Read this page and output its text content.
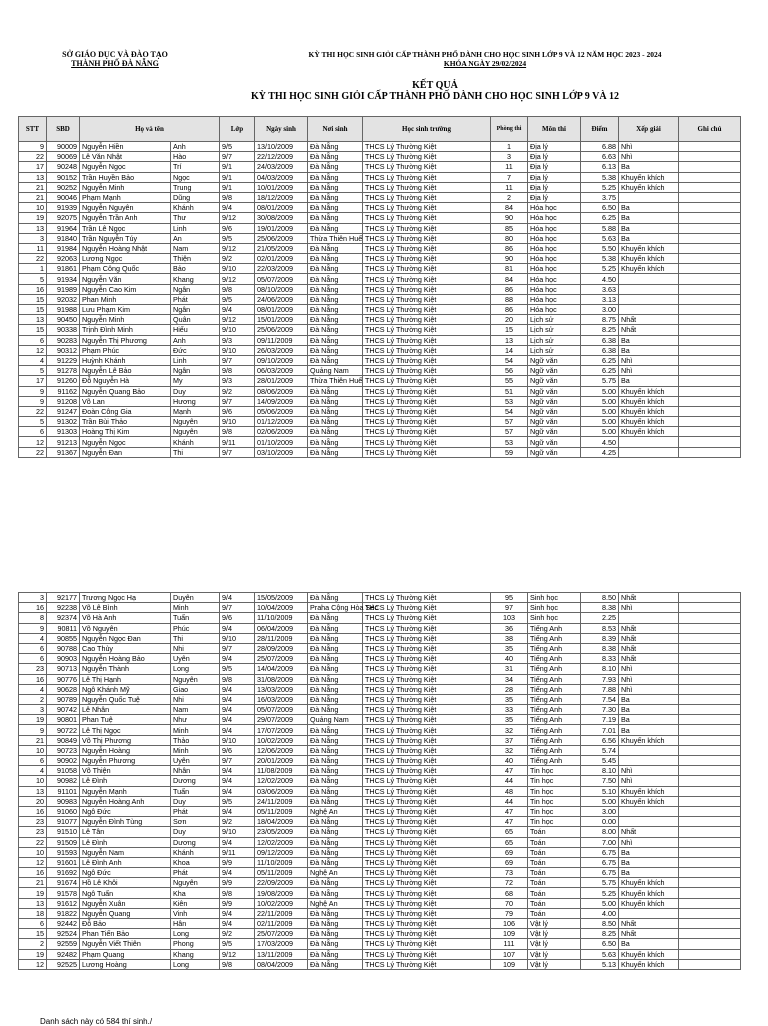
SỞ GIÁO DỤC VÀ ĐÀO TẠO
THÀNH PHỐ ĐÀ NẴNG
KỲ THI HỌC SINH GIỎI CẤP THÀNH PHỐ DÀNH CHO HỌC SINH LỚP 9 VÀ 12 NĂM HỌC 2023 - 2024
KHÓA NGÀY 29/02/2024
KẾT QUẢ
KỲ THI HỌC SINH GIỎI CẤP THÀNH PHỐ DÀNH CHO HỌC SINH LỚP 9 VÀ 12
STT	SBD	Họ và tên		Lớp	Ngày sinh	Nơi sinh	Học sinh trường	Phòng thi	Môn thi	Điểm	Xếp giải	Ghi chú
9	90009	Nguyễn Hiền	Anh	9/5	13/10/2009	Đà Nẵng	THCS Lý Thường Kiệt	1	Địa lý	6.88	Nhì	
22	90069	Lê Văn Nhật	Hào	9/7	22/12/2009	Đà Nẵng	THCS Lý Thường Kiệt	3	Địa lý	6.63	Nhì	
17	90248	Nguyễn Ngọc	Trí	9/1	24/03/2009	Đà Nẵng	THCS Lý Thường Kiệt	11	Địa lý	6.13	Ba	
13	90152	Trần Huyền Bảo	Ngọc	9/1	04/03/2009	Đà Nẵng	THCS Lý Thường Kiệt	7	Địa lý	5.38	Khuyến khích	
21	90252	Nguyễn Minh	Trung	9/1	10/01/2009	Đà Nẵng	THCS Lý Thường Kiệt	11	Địa lý	5.25	Khuyến khích	
21	90046	Phạm Mạnh	Dũng	9/8	18/12/2009	Đà Nẵng	THCS Lý Thường Kiệt	2	Địa lý	3.75		
10	91939	Nguyễn Nguyên	Khánh	9/4	08/01/2009	Đà Nẵng	THCS Lý Thường Kiệt	84	Hóa học	6.50	Ba	
19	92075	Nguyễn Trần Anh	Thư	9/12	30/08/2009	Đà Nẵng	THCS Lý Thường Kiệt	90	Hóa học	6.25	Ba	
13	91964	Trần Lê Ngọc	Linh	9/6	19/01/2009	Đà Nẵng	THCS Lý Thường Kiệt	85	Hóa học	5.88	Ba	
3	91840	Trần Nguyễn Túy	An	9/5	25/06/2009	Thừa Thiên Huế	THCS Lý Thường Kiệt	80	Hóa học	5.63	Ba	
11	91984	Nguyễn Hoàng Nhật	Nam	9/12	21/05/2009	Đà Nẵng	THCS Lý Thường Kiệt	86	Hóa học	5.50	Khuyến khích	
22	92063	Lương Ngọc	Thiện	9/2	02/01/2009	Đà Nẵng	THCS Lý Thường Kiệt	90	Hóa học	5.38	Khuyến khích	
1	91861	Phạm Công Quốc	Bảo	9/10	22/03/2009	Đà Nẵng	THCS Lý Thường Kiệt	81	Hóa học	5.25	Khuyến khích	
5	91934	Nguyễn Văn	Khang	9/12	05/07/2009	Đà Nẵng	THCS Lý Thường Kiệt	84	Hóa học	4.50		
16	91989	Nguyễn Cao Kim	Ngân	9/8	08/10/2009	Đà Nẵng	THCS Lý Thường Kiệt	86	Hóa học	3.63		
15	92032	Phan Minh	Phát	9/5	24/06/2009	Đà Nẵng	THCS Lý Thường Kiệt	88	Hóa học	3.13		
15	91988	Lưu Phạm Kim	Ngân	9/4	08/01/2009	Đà Nẵng	THCS Lý Thường Kiệt	86	Hóa học	3.00		
13	90450	Nguyễn Minh	Quân	9/12	15/01/2009	Đà Nẵng	THCS Lý Thường Kiệt	20	Lịch sử	8.75	Nhất	
15	90338	Trịnh Đình Minh	Hiếu	9/10	25/06/2009	Đà Nẵng	THCS Lý Thường Kiệt	15	Lịch sử	8.25	Nhất	
6	90283	Nguyễn Thị Phương	Anh	9/3	09/11/2009	Đà Nẵng	THCS Lý Thường Kiệt	13	Lịch sử	6.38	Ba	
12	90312	Phạm Phúc	Đức	9/10	26/03/2009	Đà Nẵng	THCS Lý Thường Kiệt	14	Lịch sử	6.38	Ba	
4	91229	Huỳnh Khánh	Linh	9/7	09/10/2009	Đà Nẵng	THCS Lý Thường Kiệt	54	Ngữ văn	6.25	Nhì	
5	91278	Nguyễn Lê Bảo	Ngân	9/8	06/03/2009	Quảng Nam	THCS Lý Thường Kiệt	56	Ngữ văn	6.25	Nhì	
17	91260	Đỗ Nguyễn Hà	My	9/3	28/01/2009	Thừa Thiên Huế	THCS Lý Thường Kiệt	55	Ngữ văn	5.75	Ba	
9	91162	Nguyễn Quang Bảo	Duy	9/2	08/06/2009	Đà Nẵng	THCS Lý Thường Kiệt	51	Ngữ văn	5.00	Khuyến khích	
9	91208	Võ Lan	Hương	9/7	14/09/2009	Đà Nẵng	THCS Lý Thường Kiệt	53	Ngữ văn	5.00	Khuyến khích	
22	91247	Đoàn Công Gia	Mạnh	9/6	05/06/2009	Đà Nẵng	THCS Lý Thường Kiệt	54	Ngữ văn	5.00	Khuyến khích	
5	91302	Trần Bùi Thảo	Nguyên	9/10	01/12/2009	Đà Nẵng	THCS Lý Thường Kiệt	57	Ngữ văn	5.00	Khuyến khích	
6	91303	Hoàng Thị Kim	Nguyên	9/8	02/06/2009	Đà Nẵng	THCS Lý Thường Kiệt	57	Ngữ văn	5.00	Khuyến khích	
12	91213	Nguyễn Ngọc	Khánh	9/11	01/10/2009	Đà Nẵng	THCS Lý Thường Kiệt	53	Ngữ văn	4.50		
22	91367	Nguyễn Đan	Thi	9/7	03/10/2009	Đà Nẵng	THCS Lý Thường Kiệt	59	Ngữ văn	4.25		
3	92177	Trương Ngọc Hạ	Duyên	9/4	15/05/2009	Đà Nẵng	THCS Lý Thường Kiệt	95	Sinh học	8.50	Nhất	
16	92238	Võ Lê Bình	Minh	9/7	10/04/2009	Praha Cộng Hòa Séc	THCS Lý Thường Kiệt	97	Sinh học	8.38	Nhì	
8	92374	Võ Hà Anh	Tuấn	9/6	11/10/2009	Đà Nẵng	THCS Lý Thường Kiệt	103	Sinh học	2.25		
9	90811	Võ Nguyên	Phúc	9/4	06/04/2009	Đà Nẵng	THCS Lý Thường Kiệt	36	Tiếng Anh	8.53	Nhất	
4	90855	Nguyễn Ngọc Đan	Thi	9/10	28/11/2009	Đà Nẵng	THCS Lý Thường Kiệt	38	Tiếng Anh	8.39	Nhất	
6	90788	Cao Thùy	Nhi	9/7	28/09/2009	Đà Nẵng	THCS Lý Thường Kiệt	35	Tiếng Anh	8.38	Nhất	
6	90903	Nguyễn Hoàng Bảo	Uyên	9/4	25/07/2009	Đà Nẵng	THCS Lý Thường Kiệt	40	Tiếng Anh	8.33	Nhất	
23	90713	Nguyễn Thành	Long	9/5	14/04/2009	Đà Nẵng	THCS Lý Thường Kiệt	31	Tiếng Anh	8.10	Nhì	
16	90776	Lê Thị Hạnh	Nguyên	9/8	31/08/2009	Đà Nẵng	THCS Lý Thường Kiệt	34	Tiếng Anh	7.93	Nhì	
4	90628	Ngô Khánh Mỹ	Giao	9/4	13/03/2009	Đà Nẵng	THCS Lý Thường Kiệt	28	Tiếng Anh	7.88	Nhì	
2	90789	Nguyễn Quốc Tuệ	Nhi	9/4	16/03/2009	Đà Nẵng	THCS Lý Thường Kiệt	35	Tiếng Anh	7.54	Ba	
3	90742	Lê Nhân	Nam	9/4	05/07/2009	Đà Nẵng	THCS Lý Thường Kiệt	33	Tiếng Anh	7.30	Ba	
19	90801	Phan Tuệ	Như	9/4	29/07/2009	Quảng Nam	THCS Lý Thường Kiệt	35	Tiếng Anh	7.19	Ba	
9	90722	Lê Thị Ngọc	Minh	9/4	17/07/2009	Đà Nẵng	THCS Lý Thường Kiệt	32	Tiếng Anh	7.01	Ba	
21	90849	Võ Thị Phương	Thảo	9/10	10/02/2009	Đà Nẵng	THCS Lý Thường Kiệt	37	Tiếng Anh	6.56	Khuyến khích	
10	90723	Nguyễn Hoàng	Minh	9/6	12/06/2009	Đà Nẵng	THCS Lý Thường Kiệt	32	Tiếng Anh	5.74		
6	90902	Nguyễn Phương	Uyên	9/7	20/01/2009	Đà Nẵng	THCS Lý Thường Kiệt	40	Tiếng Anh	5.45		
4	91058	Võ Thiện	Nhân	9/4	11/08/2009	Đà Nẵng	THCS Lý Thường Kiệt	47	Tin học	8.10	Nhì	
10	90982	Lê Đình	Dương	9/4	12/02/2009	Đà Nẵng	THCS Lý Thường Kiệt	44	Tin học	7.50	Nhì	
13	91101	Nguyễn Mạnh	Tuấn	9/4	03/06/2009	Đà Nẵng	THCS Lý Thường Kiệt	48	Tin học	5.10	Khuyến khích	
20	90983	Nguyễn Hoàng Anh	Duy	9/5	24/11/2009	Đà Nẵng	THCS Lý Thường Kiệt	44	Tin học	5.00	Khuyến khích	
16	91060	Ngô Đức	Phát	9/4	05/11/2009	Nghệ An	THCS Lý Thường Kiệt	47	Tin học	3.00		
23	91077	Nguyễn Đình Tùng	Sơn	9/2	18/04/2009	Đà Nẵng	THCS Lý Thường Kiệt	47	Tin học	0.00		
23	91510	Lê Tân	Duy	9/10	23/05/2009	Đà Nẵng	THCS Lý Thường Kiệt	65	Toán	8.00	Nhất	
22	91509	Lê Đình	Dương	9/4	12/02/2009	Đà Nẵng	THCS Lý Thường Kiệt	65	Toán	7.00	Nhì	
10	91593	Nguyễn Nam	Khánh	9/11	09/12/2009	Đà Nẵng	THCS Lý Thường Kiệt	69	Toán	6.75	Ba	
12	91601	Lê Đình Anh	Khoa	9/9	11/10/2009	Đà Nẵng	THCS Lý Thường Kiệt	69	Toán	6.75	Ba	
16	91692	Ngô Đức	Phát	9/4	05/11/2009	Nghệ An	THCS Lý Thường Kiệt	73	Toán	6.75	Ba	
21	91674	Hồ Lê Khôi	Nguyên	9/9	22/09/2009	Đà Nẵng	THCS Lý Thường Kiệt	72	Toán	5.75	Khuyến khích	
19	91578	Ngô Tuấn	Kha	9/8	19/08/2009	Đà Nẵng	THCS Lý Thường Kiệt	68	Toán	5.25	Khuyến khích	
13	91612	Nguyễn Xuân	Kiên	9/9	10/02/2009	Nghệ An	THCS Lý Thường Kiệt	70	Toán	5.00	Khuyến khích	
18	91822	Nguyễn Quang	Vinh	9/4	22/11/2009	Đà Nẵng	THCS Lý Thường Kiệt	79	Toán	4.00		
6	92442	Đỗ Bảo	Hân	9/4	02/11/2009	Đà Nẵng	THCS Lý Thường Kiệt	106	Vật lý	8.50	Nhất	
15	92524	Phan Tiến Bảo	Long	9/2	25/07/2009	Đà Nẵng	THCS Lý Thường Kiệt	109	Vật lý	8.25	Nhất	
2	92559	Nguyễn Viết Thiên	Phong	9/5	17/03/2009	Đà Nẵng	THCS Lý Thường Kiệt	111	Vật lý	6.50	Ba	
19	92482	Phạm Quang	Khang	9/12	13/11/2009	Đà Nẵng	THCS Lý Thường Kiệt	107	Vật lý	5.63	Khuyến khích	
12	92525	Lương Hoàng	Long	9/8	08/04/2009	Đà Nẵng	THCS Lý Thường Kiệt	109	Vật lý	5.13	Khuyến khích	
Danh sách này có 584 thí sinh./
